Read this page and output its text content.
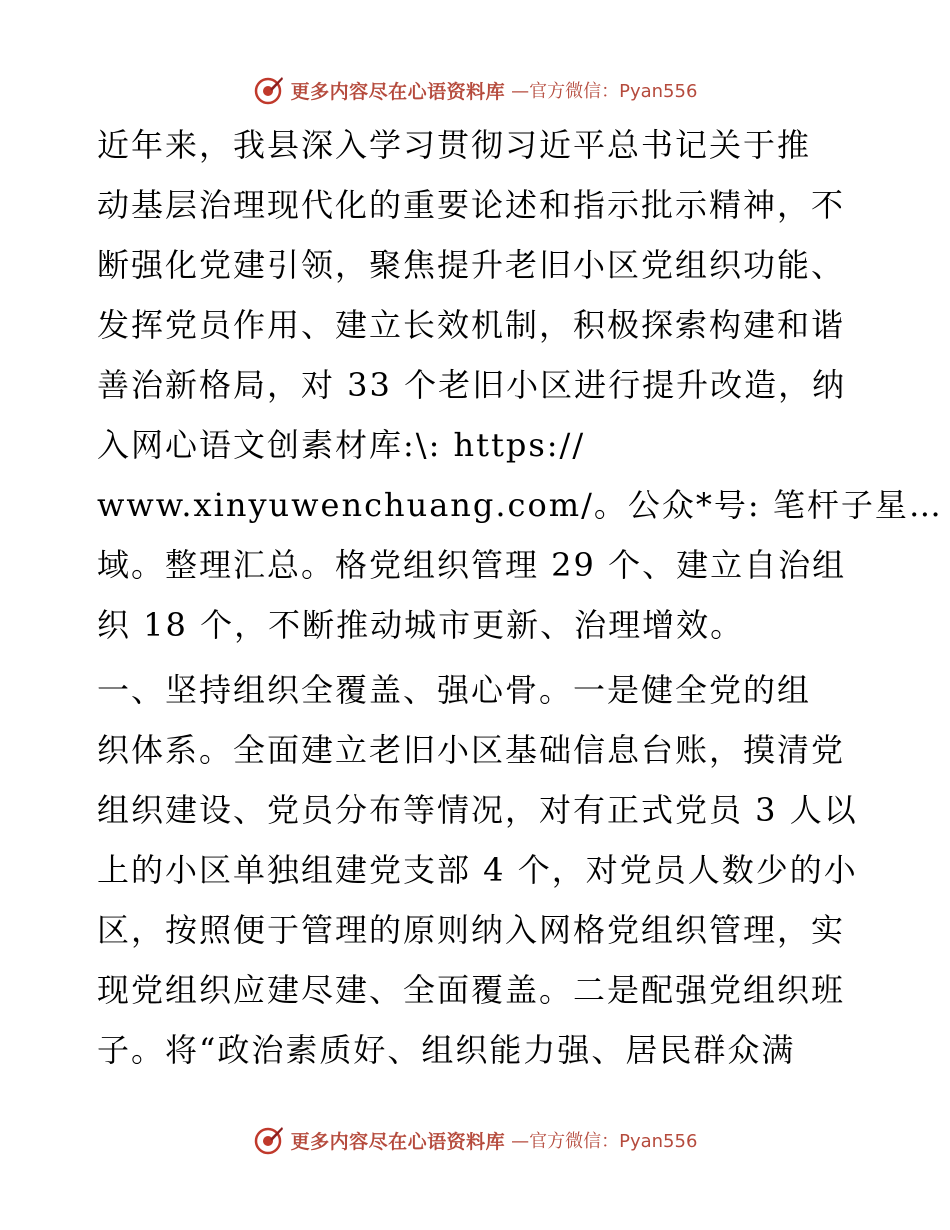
更多内容尽在心语资料库 —官方微信：Pyan556
近年来，我县深入学习贯彻习近平总书记关于推
动基层治理现代化的重要论述和指示批示精神，不
断强化党建引领，聚焦提升老旧小区党组织功能、
发挥党员作用、建立长效机制，积极探索构建和谐
善治新格局，对 33 个老旧小区进行提升改造，纳
入网心语文创素材库:\: https://
www.xinyuwenchuang.com/。公众*号: 笔杆子星…
域。整理汇总。格党组织管理 29 个、建立自治组
织 18 个，不断推动城市更新、治理增效。
一、坚持组织全覆盖、强心骨。一是健全党的组
织体系。全面建立老旧小区基础信息台账，摸清党
组织建设、党员分布等情况，对有正式党员 3 人以
上的小区单独组建党支部 4 个，对党员人数少的小
区，按照便于管理的原则纳入网格党组织管理，实
现党组织应建尽建、全面覆盖。二是配强党组织班
子。将“政治素质好、组织能力强、居民群众满
更多内容尽在心语资料库 —官方微信：Pyan556
